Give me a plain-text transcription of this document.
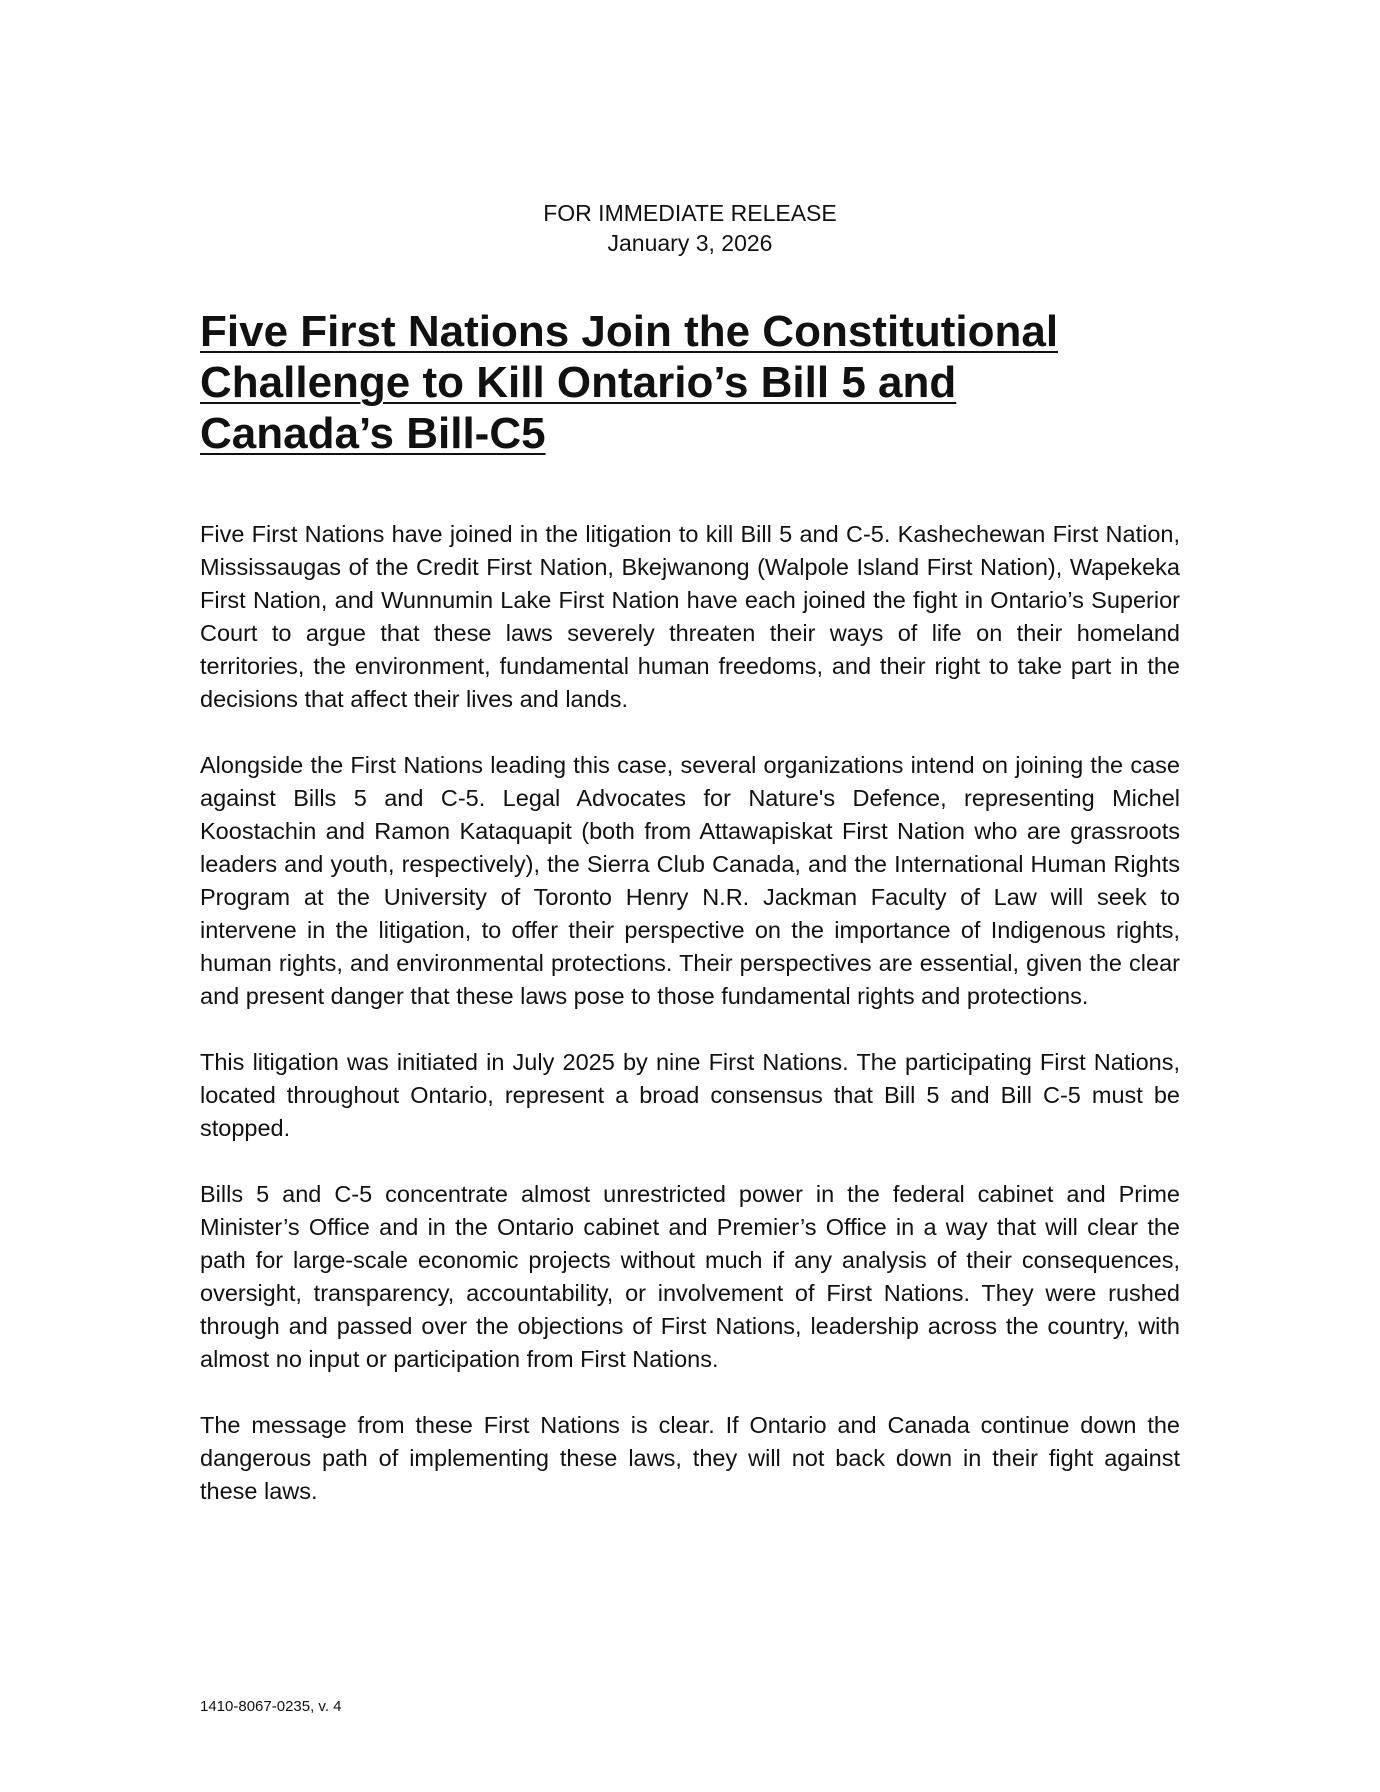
FOR IMMEDIATE RELEASE
January 3, 2026
Five First Nations Join the Constitutional
Challenge to Kill Ontario’s Bill 5 and
Canada’s Bill-C5

Five First Nations have joined in the litigation to kill Bill 5 and C-5. Kashechewan First Nation, Mississaugas of the Credit First Nation, Bkejwanong (Walpole Island First Nation), Wapekeka First Nation, and Wunnumin Lake First Nation have each joined the fight in Ontario’s Superior Court to argue that these laws severely threaten their ways of life on their homeland territories, the environment, fundamental human freedoms, and their right to take part in the decisions that affect their lives and lands.

Alongside the First Nations leading this case, several organizations intend on joining the case against Bills 5 and C-5. Legal Advocates for Nature's Defence, representing Michel Koostachin and Ramon Kataquapit (both from Attawapiskat First Nation who are grassroots leaders and youth, respectively), the Sierra Club Canada, and the International Human Rights Program at the University of Toronto Henry N.R. Jackman Faculty of Law will seek to intervene in the litigation, to offer their perspective on the importance of Indigenous rights, human rights, and environmental protections. Their perspectives are essential, given the clear and present danger that these laws pose to those fundamental rights and protections.

This litigation was initiated in July 2025 by nine First Nations. The participating First Nations, located throughout Ontario, represent a broad consensus that Bill 5 and Bill C-5 must be stopped.

Bills 5 and C-5 concentrate almost unrestricted power in the federal cabinet and Prime Minister’s Office and in the Ontario cabinet and Premier’s Office in a way that will clear the path for large-scale economic projects without much if any analysis of their consequences, oversight, transparency, accountability, or involvement of First Nations. They were rushed through and passed over the objections of First Nations, leadership across the country, with almost no input or participation from First Nations.

The message from these First Nations is clear. If Ontario and Canada continue down the dangerous path of implementing these laws, they will not back down in their fight against these laws.

1410-8067-0235, v. 4
